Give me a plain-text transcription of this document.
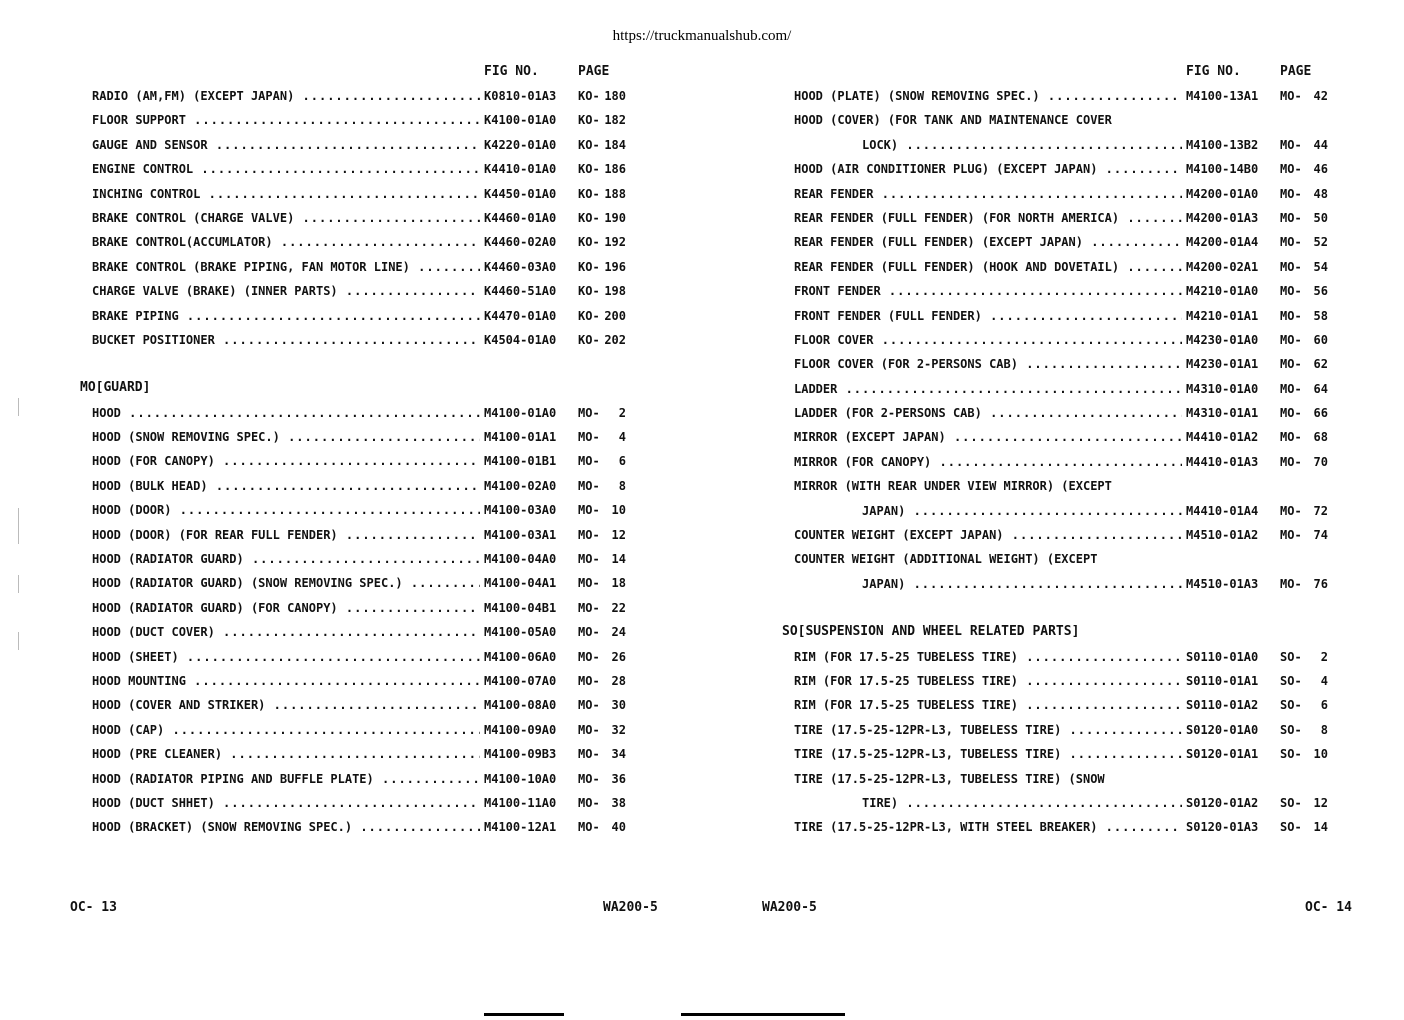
https://truckmanualshub.com/
FIG NO.	PAGE
RADIO (AM,FM) (EXCEPT JAPAN) .....	K0810-01A3 KO- 180
FLOOR SUPPORT .....	K4100-01A0 KO- 182
GAUGE AND SENSOR .....	K4220-01A0 KO- 184
ENGINE CONTROL .....	K4410-01A0 KO- 186
INCHING CONTROL .....	K4450-01A0 KO- 188
BRAKE CONTROL (CHARGE VALVE) .....	K4460-01A0 KO- 190
BRAKE CONTROL(ACCUMLATOR) .....	K4460-02A0 KO- 192
BRAKE CONTROL (BRAKE PIPING, FAN MOTOR LINE) .....	K4460-03A0 KO- 196
CHARGE VALVE (BRAKE) (INNER PARTS) .....	K4460-51A0 KO- 198
BRAKE PIPING .....	K4470-01A0 KO- 200
BUCKET POSITIONER .....	K4504-01A0 KO- 202
MO[GUARD]
HOOD .....	M4100-01A0 MO- 2
HOOD (SNOW REMOVING SPEC.) .....	M4100-01A1 MO- 4
HOOD (FOR CANOPY) .....	M4100-01B1 MO- 6
HOOD (BULK HEAD) .....	M4100-02A0 MO- 8
HOOD (DOOR) .....	M4100-03A0 MO- 10
HOOD (DOOR) (FOR REAR FULL FENDER) .....	M4100-03A1 MO- 12
HOOD (RADIATOR GUARD) .....	M4100-04A0 MO- 14
HOOD (RADIATOR GUARD) (SNOW REMOVING SPEC.) .....	M4100-04A1 MO- 18
HOOD (RADIATOR GUARD) (FOR CANOPY) .....	M4100-04B1 MO- 22
HOOD (DUCT COVER) .....	M4100-05A0 MO- 24
HOOD (SHEET) .....	M4100-06A0 MO- 26
HOOD MOUNTING .....	M4100-07A0 MO- 28
HOOD (COVER AND STRIKER) .....	M4100-08A0 MO- 30
HOOD (CAP) .....	M4100-09A0 MO- 32
HOOD (PRE CLEANER) .....	M4100-09B3 MO- 34
HOOD (RADIATOR PIPING AND BUFFLE PLATE) .....	M4100-10A0 MO- 36
HOOD (DUCT SHHET) .....	M4100-11A0 MO- 38
HOOD (BRACKET) (SNOW REMOVING SPEC.) .....	M4100-12A1 MO- 40
FIG NO.	PAGE
HOOD (PLATE) (SNOW REMOVING SPEC.) .....	M4100-13A1 MO- 42
HOOD (COVER) (FOR TANK AND MAINTENANCE COVER
LOCK) .....	M4100-13B2 MO- 44
HOOD (AIR CONDITIONER PLUG) (EXCEPT JAPAN) .....	M4100-14B0 MO- 46
REAR FENDER .....	M4200-01A0 MO- 48
REAR FENDER (FULL FENDER) (FOR NORTH AMERICA) .....	M4200-01A3 MO- 50
REAR FENDER (FULL FENDER) (EXCEPT JAPAN) .....	M4200-01A4 MO- 52
REAR FENDER (FULL FENDER) (HOOK AND DOVETAIL) .....	M4200-02A1 MO- 54
FRONT FENDER .....	M4210-01A0 MO- 56
FRONT FENDER (FULL FENDER) .....	M4210-01A1 MO- 58
FLOOR COVER .....	M4230-01A0 MO- 60
FLOOR COVER (FOR 2-PERSONS CAB) .....	M4230-01A1 MO- 62
LADDER .....	M4310-01A0 MO- 64
LADDER (FOR 2-PERSONS CAB) .....	M4310-01A1 MO- 66
MIRROR (EXCEPT JAPAN) .....	M4410-01A2 MO- 68
MIRROR (FOR CANOPY) .....	M4410-01A3 MO- 70
MIRROR (WITH REAR UNDER VIEW MIRROR) (EXCEPT
JAPAN) .....	M4410-01A4 MO- 72
COUNTER WEIGHT (EXCEPT JAPAN) .....	M4510-01A2 MO- 74
COUNTER WEIGHT (ADDITIONAL WEIGHT) (EXCEPT
JAPAN) .....	M4510-01A3 MO- 76
SO[SUSPENSION AND WHEEL RELATED PARTS]
RIM (FOR 17.5-25 TUBELESS TIRE) .....	S0110-01A0 SO- 2
RIM (FOR 17.5-25 TUBELESS TIRE) .....	S0110-01A1 SO- 4
RIM (FOR 17.5-25 TUBELESS TIRE) .....	S0110-01A2 SO- 6
TIRE (17.5-25-12PR-L3, TUBELESS TIRE) .....	S0120-01A0 SO- 8
TIRE (17.5-25-12PR-L3, TUBELESS TIRE) .....	S0120-01A1 SO- 10
TIRE (17.5-25-12PR-L3, TUBELESS TIRE) (SNOW
TIRE) .....	S0120-01A2 SO- 12
TIRE (17.5-25-12PR-L3, WITH STEEL BREAKER) .....	S0120-01A3 SO- 14
OC- 13	WA200-5	WA200-5	OC- 14
